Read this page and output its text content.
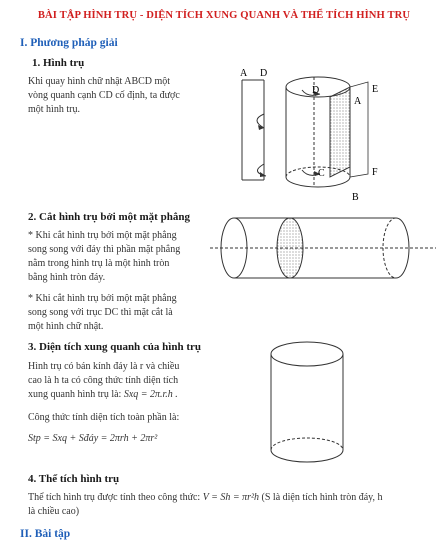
BÀI TẬP HÌNH TRỤ - DIỆN TÍCH XUNG QUANH VÀ THỂ TÍCH HÌNH TRỤ
I. Phương pháp giải
1. Hình trụ
Khi quay hình chữ nhật ABCD một
vòng quanh cạnh CD cố định, ta được
một hình trụ.
A D
D
A
E
C	F
B
2. Cắt hình trụ bởi một mặt phẳng
* Khi cắt hình trụ bởi một mặt phẳng
song song với đáy thì phần mặt phẳng
nằm trong hình trụ là một hình tròn
bằng hình tròn đáy.
* Khi cắt hình trụ bởi một mặt phẳng
song song với trục DC thì mặt cắt là
một hình chữ nhật.
3. Diện tích xung quanh của hình trụ
Hình trụ có bán kính đáy là r và chiều
cao là h ta có công thức tính diện tích
xung quanh hình trụ là: Sxq = 2π.r.h .
Công thức tính diện tích toàn phần là:
Stp = Sxq + Sđáy = 2πrh + 2πr²
4. Thể tích hình trụ
Thể tích hình trụ được tính theo công thức: V = Sh = πr²h (S là diện tích hình tròn đáy, h
là chiều cao)
II. Bài tập
